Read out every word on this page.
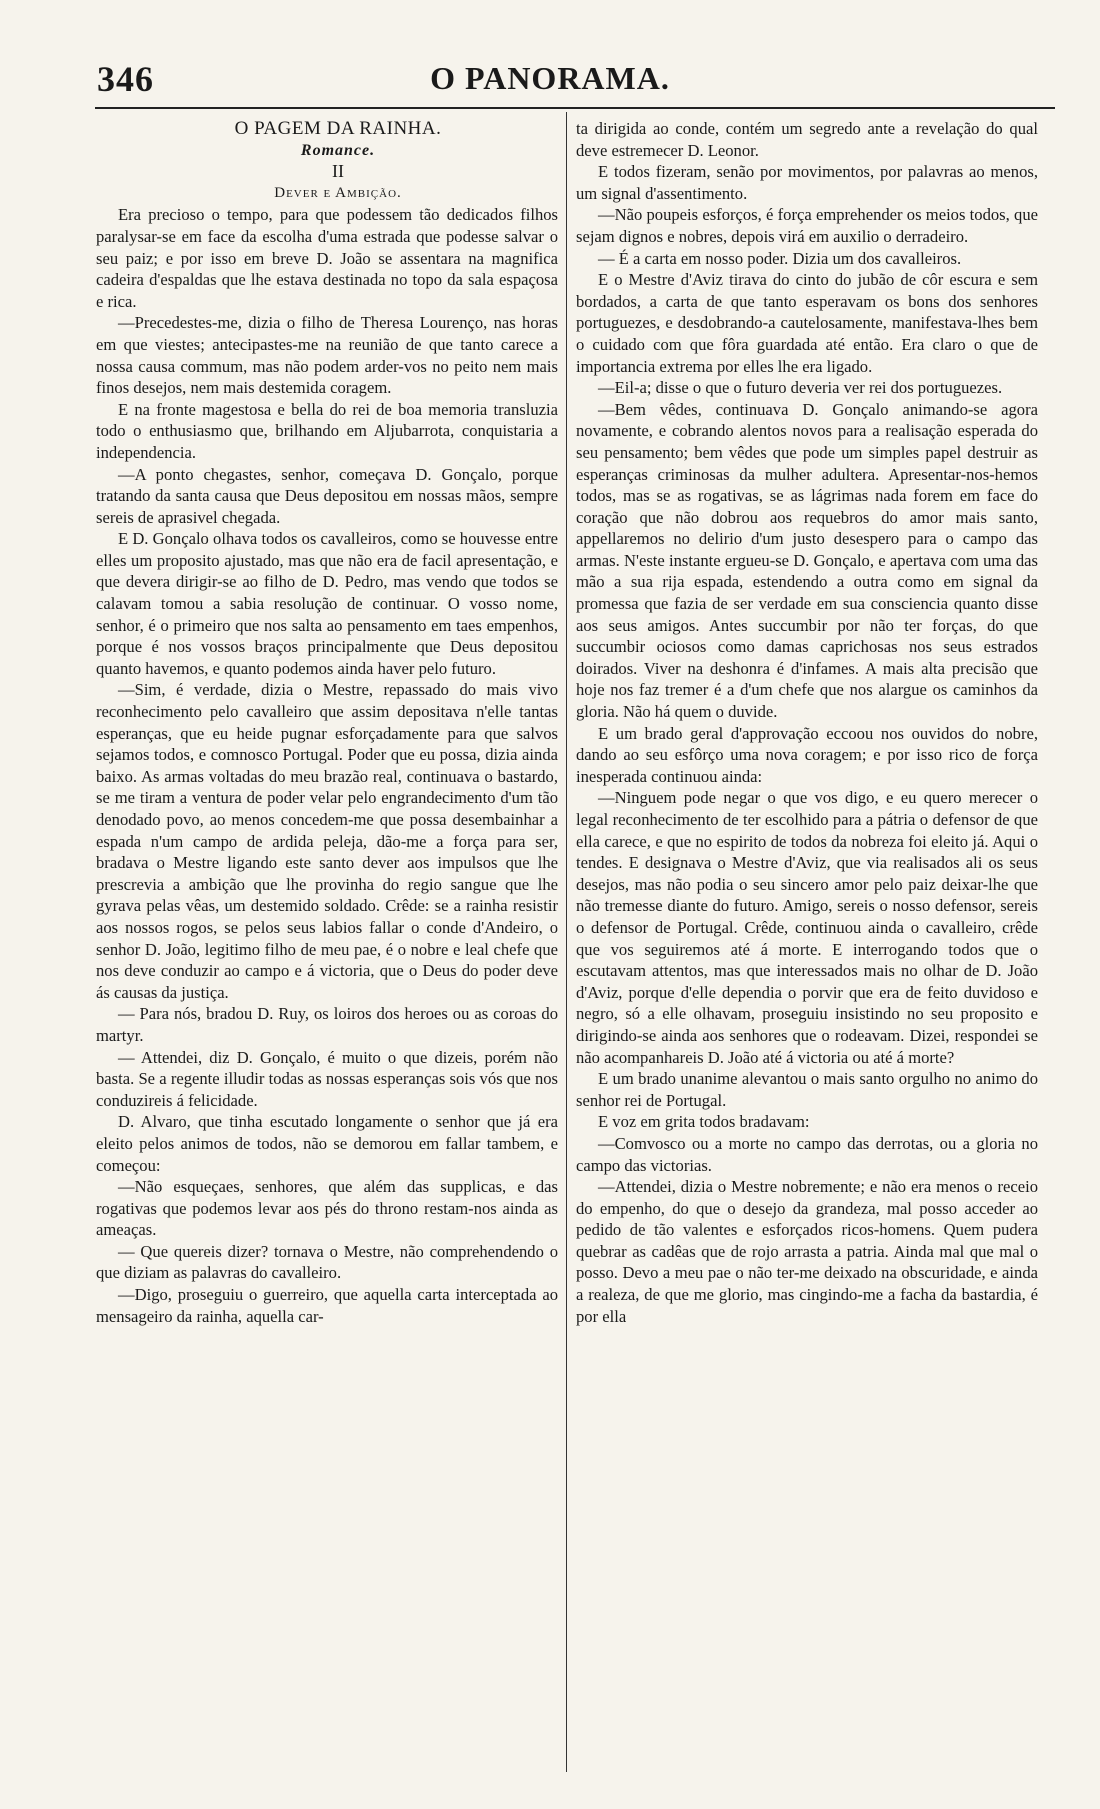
346	O PANORAMA.

O PAGEM DA RAINHA.

Romance.

II

Dever e Ambição.

Era precioso o tempo, para que podessem tão dedicados filhos paralysar-se em face da escolha d'uma estrada que podesse salvar o seu paiz; e por isso em breve D. João se assentara na magnifica cadeira d'espaldas que lhe estava destinada no topo da sala espaçosa e rica.

—Precedestes-me, dizia o filho de Theresa Lourenço, nas horas em que viestes; antecipastes-me na reunião de que tanto carece a nossa causa commum, mas não podem arder-vos no peito nem mais finos desejos, nem mais destemida coragem.

E na fronte magestosa e bella do rei de boa memoria transluzia todo o enthusiasmo que, brilhando em Aljubarrota, conquistaria a independencia.

—A ponto chegastes, senhor, começava D. Gonçalo, porque tratando da santa causa que Deus depositou em nossas mãos, sempre sereis de aprasivel chegada.

E D. Gonçalo olhava todos os cavalleiros, como se houvesse entre elles um proposito ajustado, mas que não era de facil apresentação, e que devera dirigir-se ao filho de D. Pedro, mas vendo que todos se calavam tomou a sabia resolução de continuar. O vosso nome, senhor, é o primeiro que nos salta ao pensamento em taes empenhos, porque é nos vossos braços principalmente que Deus depositou quanto havemos, e quanto podemos ainda haver pelo futuro.

—Sim, é verdade, dizia o Mestre, repassado do mais vivo reconhecimento pelo cavalleiro que assim depositava n'elle tantas esperanças, que eu heide pugnar esforçadamente para que salvos sejamos todos, e comnosco Portugal. Poder que eu possa, dizia ainda baixo. As armas voltadas do meu brazão real, continuava o bastardo, se me tiram a ventura de poder velar pelo engrandecimento d'um tão denodado povo, ao menos concedem-me que possa desembainhar a espada n'um campo de ardida peleja, dão-me a força para ser, bradava o Mestre ligando este santo dever aos impulsos que lhe prescrevia a ambição que lhe provinha do regio sangue que lhe gyrava pelas vêas, um destemido soldado. Crêde: se a rainha resistir aos nossos rogos, se pelos seus labios fallar o conde d'Andeiro, o senhor D. João, legitimo filho de meu pae, é o nobre e leal chefe que nos deve conduzir ao campo e á victoria, que o Deus do poder deve ás causas da justiça.

— Para nós, bradou D. Ruy, os loiros dos heroes ou as coroas do martyr.

— Attendei, diz D. Gonçalo, é muito o que dizeis, porém não basta. Se a regente illudir todas as nossas esperanças sois vós que nos conduzireis á felicidade.

D. Alvaro, que tinha escutado longamente o senhor que já era eleito pelos animos de todos, não se demorou em fallar tambem, e começou:

—Não esqueçaes, senhores, que além das supplicas, e das rogativas que podemos levar aos pés do throno restam-nos ainda as ameaças.

— Que quereis dizer? tornava o Mestre, não comprehendendo o que diziam as palavras do cavalleiro.

—Digo, proseguiu o guerreiro, que aquella carta interceptada ao mensageiro da rainha, aquella car-

ta dirigida ao conde, contém um segredo ante a revelação do qual deve estremecer D. Leonor.

E todos fizeram, senão por movimentos, por palavras ao menos, um signal d'assentimento.

—Não poupeis esforços, é força emprehender os meios todos, que sejam dignos e nobres, depois virá em auxilio o derradeiro.

— É a carta em nosso poder. Dizia um dos cavalleiros.

E o Mestre d'Aviz tirava do cinto do jubão de côr escura e sem bordados, a carta de que tanto esperavam os bons dos senhores portuguezes, e desdobrando-a cautelosamente, manifestava-lhes bem o cuidado com que fôra guardada até então. Era claro o que de importancia extrema por elles lhe era ligado.

—Eil-a; disse o que o futuro deveria ver rei dos portuguezes.

—Bem vêdes, continuava D. Gonçalo animando-se agora novamente, e cobrando alentos novos para a realisação esperada do seu pensamento; bem vêdes que pode um simples papel destruir as esperanças criminosas da mulher adultera. Apresentar-nos-hemos todos, mas se as rogativas, se as lágrimas nada forem em face do coração que não dobrou aos requebros do amor mais santo, appellaremos no delirio d'um justo desespero para o campo das armas. N'este instante ergueu-se D. Gonçalo, e apertava com uma das mão a sua rija espada, estendendo a outra como em signal da promessa que fazia de ser verdade em sua consciencia quanto disse aos seus amigos. Antes succumbir por não ter forças, do que succumbir ociosos como damas caprichosas nos seus estrados doirados. Viver na deshonra é d'infames. A mais alta precisão que hoje nos faz tremer é a d'um chefe que nos alargue os caminhos da gloria. Não há quem o duvide.

E um brado geral d'approvação eccoou nos ouvidos do nobre, dando ao seu esfôrço uma nova coragem; e por isso rico de força inesperada continuou ainda:

—Ninguem pode negar o que vos digo, e eu quero merecer o legal reconhecimento de ter escolhido para a pátria o defensor de que ella carece, e que no espirito de todos da nobreza foi eleito já. Aqui o tendes. E designava o Mestre d'Aviz, que via realisados ali os seus desejos, mas não podia o seu sincero amor pelo paiz deixar-lhe que não tremesse diante do futuro. Amigo, sereis o nosso defensor, sereis o defensor de Portugal. Crêde, continuou ainda o cavalleiro, crêde que vos seguiremos até á morte. E interrogando todos que o escutavam attentos, mas que interessados mais no olhar de D. João d'Aviz, porque d'elle dependia o porvir que era de feito duvidoso e negro, só a elle olhavam, proseguiu insistindo no seu proposito e dirigindo-se ainda aos senhores que o rodeavam. Dizei, respondei se não acompanhareis D. João até á victoria ou até á morte?

E um brado unanime alevantou o mais santo orgulho no animo do senhor rei de Portugal.

E voz em grita todos bradavam:

—Comvosco ou a morte no campo das derrotas, ou a gloria no campo das victorias.

—Attendei, dizia o Mestre nobremente; e não era menos o receio do empenho, do que o desejo da grandeza, mal posso acceder ao pedido de tão valentes e esforçados ricos-homens. Quem pudera quebrar as cadêas que de rojo arrasta a patria. Ainda mal que mal o posso. Devo a meu pae o não ter-me deixado na obscuridade, e ainda a realeza, de que me glorio, mas cingindo-me a facha da bastardia, é por ella
